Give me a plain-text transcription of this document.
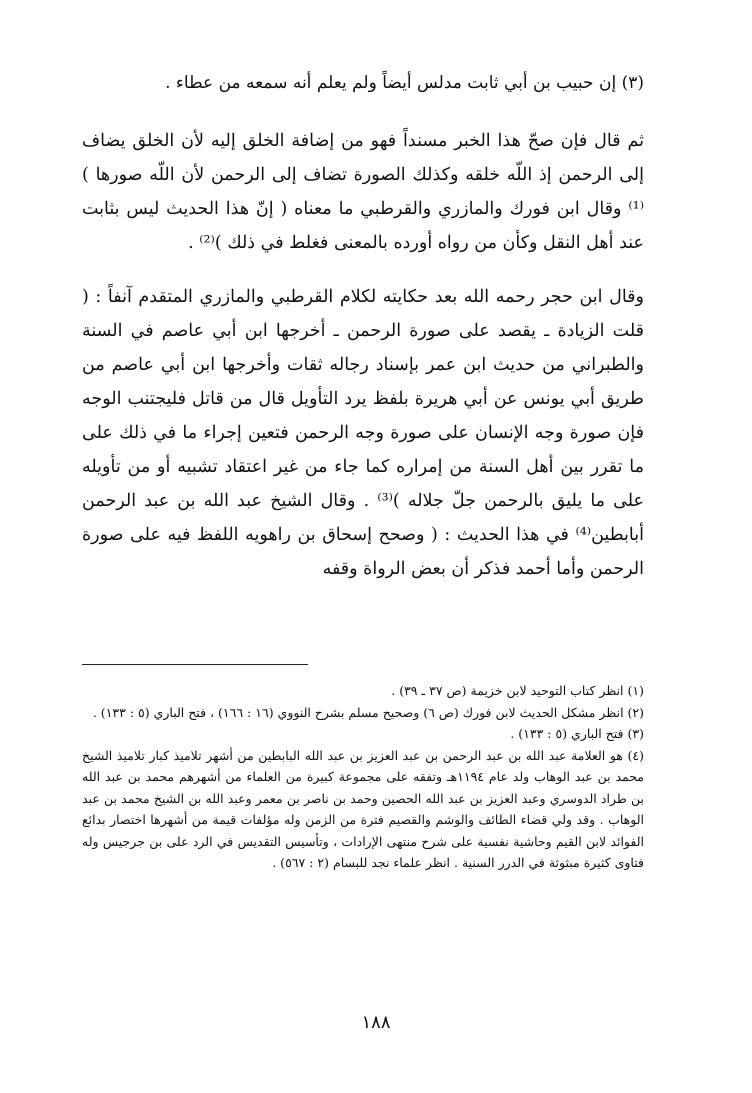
(٣) إن حبيب بن أبي ثابت مدلس أيضاً ولم يعلم أنه سمعه من عطاء .

ثم قال فإن صحّ هذا الخبر مسنداً فهو من إضافة الخلق إليه لأن الخلق يضاف إلى الرحمن إذ اللّه خلقه وكذلك الصورة تضاف إلى الرحمن لأن اللّه صورها )⁽¹⁾ وقال ابن فورك والمازري والقرطبي ما معناه ( إنّ هذا الحديث ليس بثابت عند أهل النقل وكأن من رواه أورده بالمعنى فغلط في ذلك )⁽²⁾ .

وقال ابن حجر رحمه الله بعد حكايته لكلام القرطبي والمازري المتقدم آنفاً : ( قلت الزيادة ـ يقصد على صورة الرحمن ـ أخرجها ابن أبي عاصم في السنة والطبراني من حديث ابن عمر بإسناد رجاله ثقات وأخرجها ابن أبي عاصم من طريق أبي يونس عن أبي هريرة بلفظ يرد التأويل قال من قاتل فليجتنب الوجه فإن صورة وجه الإنسان على صورة وجه الرحمن فتعين إجراء ما في ذلك على ما تقرر بين أهل السنة من إمراره كما جاء من غير اعتقاد تشبيه أو من تأويله على ما يليق بالرحمن جلّ جلاله )⁽³⁾ . وقال الشيخ عبد الله بن عبد الرحمن أبابطين⁽⁴⁾ في هذا الحديث : ( وصحح إسحاق بن راهويه اللفظ فيه على صورة الرحمن وأما أحمد فذكر أن بعض الرواة وقفه

(١) انظر كتاب التوحيد لابن خزيمة (ص ٣٧ ـ ٣٩) .

(٢) انظر مشكل الحديث لابن فورك (ص ٦) وصحيح مسلم بشرح النووي (١٦ : ١٦٦) ، فتح الباري (٥ : ١٣٣) .

(٣) فتح الباري (٥ : ١٣٣) .

(٤) هو العلامة عبد الله بن عبد الرحمن بن عبد العزيز بن عبد الله البابطين من أشهر تلاميذ كبار تلاميذ الشيخ محمد بن عبد الوهاب ولد عام ١١٩٤هـ وتفقه على مجموعة كبيرة من العلماء من أشهرهم محمد بن عبد الله بن طراد الدوسري وعبد العزيز بن عبد الله الحصين وحمد بن ناصر بن معمر وعبد الله بن الشيخ محمد بن عبد الوهاب . وقد ولي قضاء الطائف والوشم والقصيم فترة من الزمن وله مؤلفات قيمة من أشهرها اختصار بدائع الفوائد لابن القيم وحاشية نفسية على شرح منتهى الإرادات ، وتأسيس التقديس في الرد على بن جرجيس وله فتاوى كثيرة مبثوثة في الدرر السنية . انظر علماء نجد للبسام (٢ : ٥٦٧) .

١٨٨
